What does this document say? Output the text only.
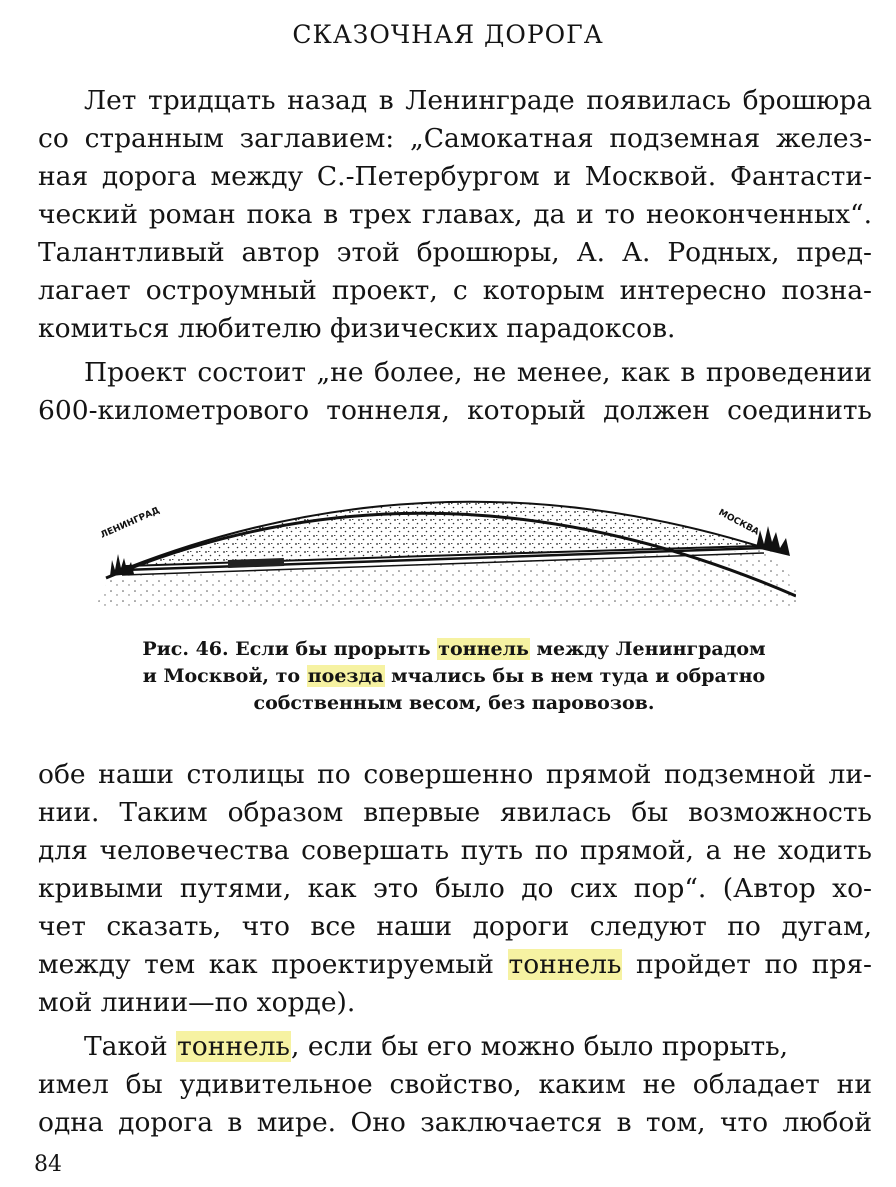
СКАЗОЧНАЯ ДОРОГА
Лет тридцать назад в Ленинграде появилась брошюра
со странным заглавием: „Самокатная подземная желез-
ная дорога между С.-Петербургом и Москвой. Фантасти-
ческий роман пока в трех главах, да и то неоконченных“.
Талантливый автор этой брошюры, А. А. Родных, пред-
лагает остроумный проект, с которым интересно позна-
комиться любителю физических парадоксов.
Проект состоит „не более, не менее, как в проведении
600-километрового тоннеля, который должен соединить
ЛЕНИНГРАД	МОСКВА
Рис. 46. Если бы прорыть тоннель между Ленинградом
и Москвой, то поезда мчались бы в нем туда и обратно
собственным весом, без паровозов.
обе наши столицы по совершенно прямой подземной ли-
нии. Таким образом впервые явилась бы возможность
для человечества совершать путь по прямой, а не ходить
кривыми путями, как это было до сих пор“. (Автор хо-
чет сказать, что все наши дороги следуют по дугам,
между тем как проектируемый тоннель пройдет по пря-
мой линии—по хорде).
Такой тоннель, если бы его можно было прорыть,
имел бы удивительное свойство, каким не обладает ни
одна дорога в мире. Оно заключается в том, что любой
84
